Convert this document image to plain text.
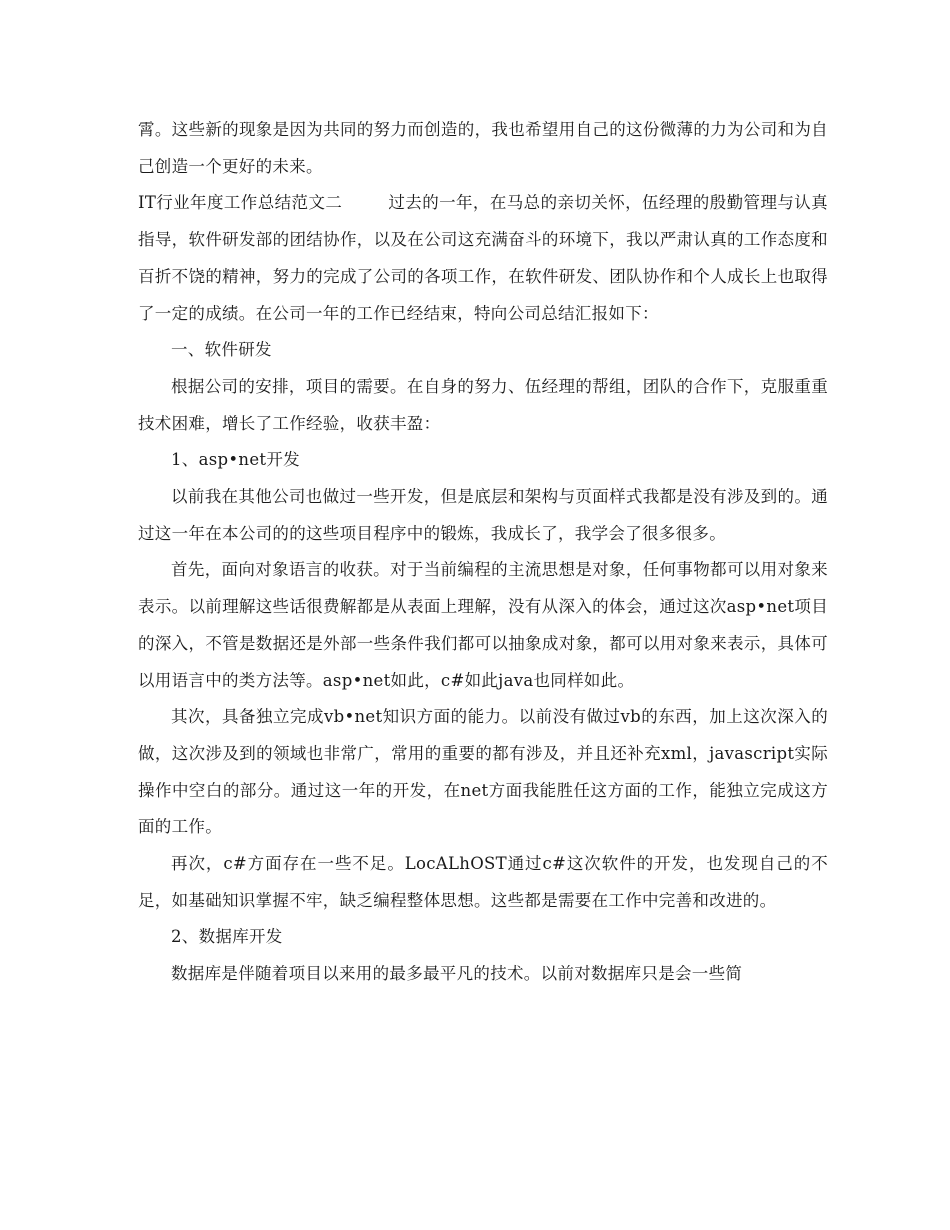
霄。这些新的现象是因为共同的努力而创造的，我也希望用自己的这份微薄的力为公司和为自己创造一个更好的未来。

IT行业年度工作总结范文二	过去的一年，在马总的亲切关怀，伍经理的殷勤管理与认真指导，软件研发部的团结协作，以及在公司这充满奋斗的环境下，我以严肃认真的工作态度和百折不饶的精神，努力的完成了公司的各项工作，在软件研发、团队协作和个人成长上也取得了一定的成绩。在公司一年的工作已经结束，特向公司总结汇报如下：

一、软件研发

根据公司的安排，项目的需要。在自身的努力、伍经理的帮组，团队的合作下，克服重重技术困难，增长了工作经验，收获丰盈：

1、asp•net开发

以前我在其他公司也做过一些开发，但是底层和架构与页面样式我都是没有涉及到的。通过这一年在本公司的的这些项目程序中的锻炼，我成长了，我学会了很多很多。

首先，面向对象语言的收获。对于当前编程的主流思想是对象，任何事物都可以用对象来表示。以前理解这些话很费解都是从表面上理解，没有从深入的体会，通过这次asp•net项目的深入，不管是数据还是外部一些条件我们都可以抽象成对象，都可以用对象来表示，具体可以用语言中的类方法等。asp•net如此，c#如此java也同样如此。

其次，具备独立完成vb•net知识方面的能力。以前没有做过vb的东西，加上这次深入的做，这次涉及到的领域也非常广，常用的重要的都有涉及，并且还补充xml，javascript实际操作中空白的部分。通过这一年的开发，在net方面我能胜任这方面的工作，能独立完成这方面的工作。

再次，c#方面存在一些不足。LocALhOST通过c#这次软件的开发，也发现自己的不足，如基础知识掌握不牢，缺乏编程整体思想。这些都是需要在工作中完善和改进的。

2、数据库开发

数据库是伴随着项目以来用的最多最平凡的技术。以前对数据库只是会一些简
